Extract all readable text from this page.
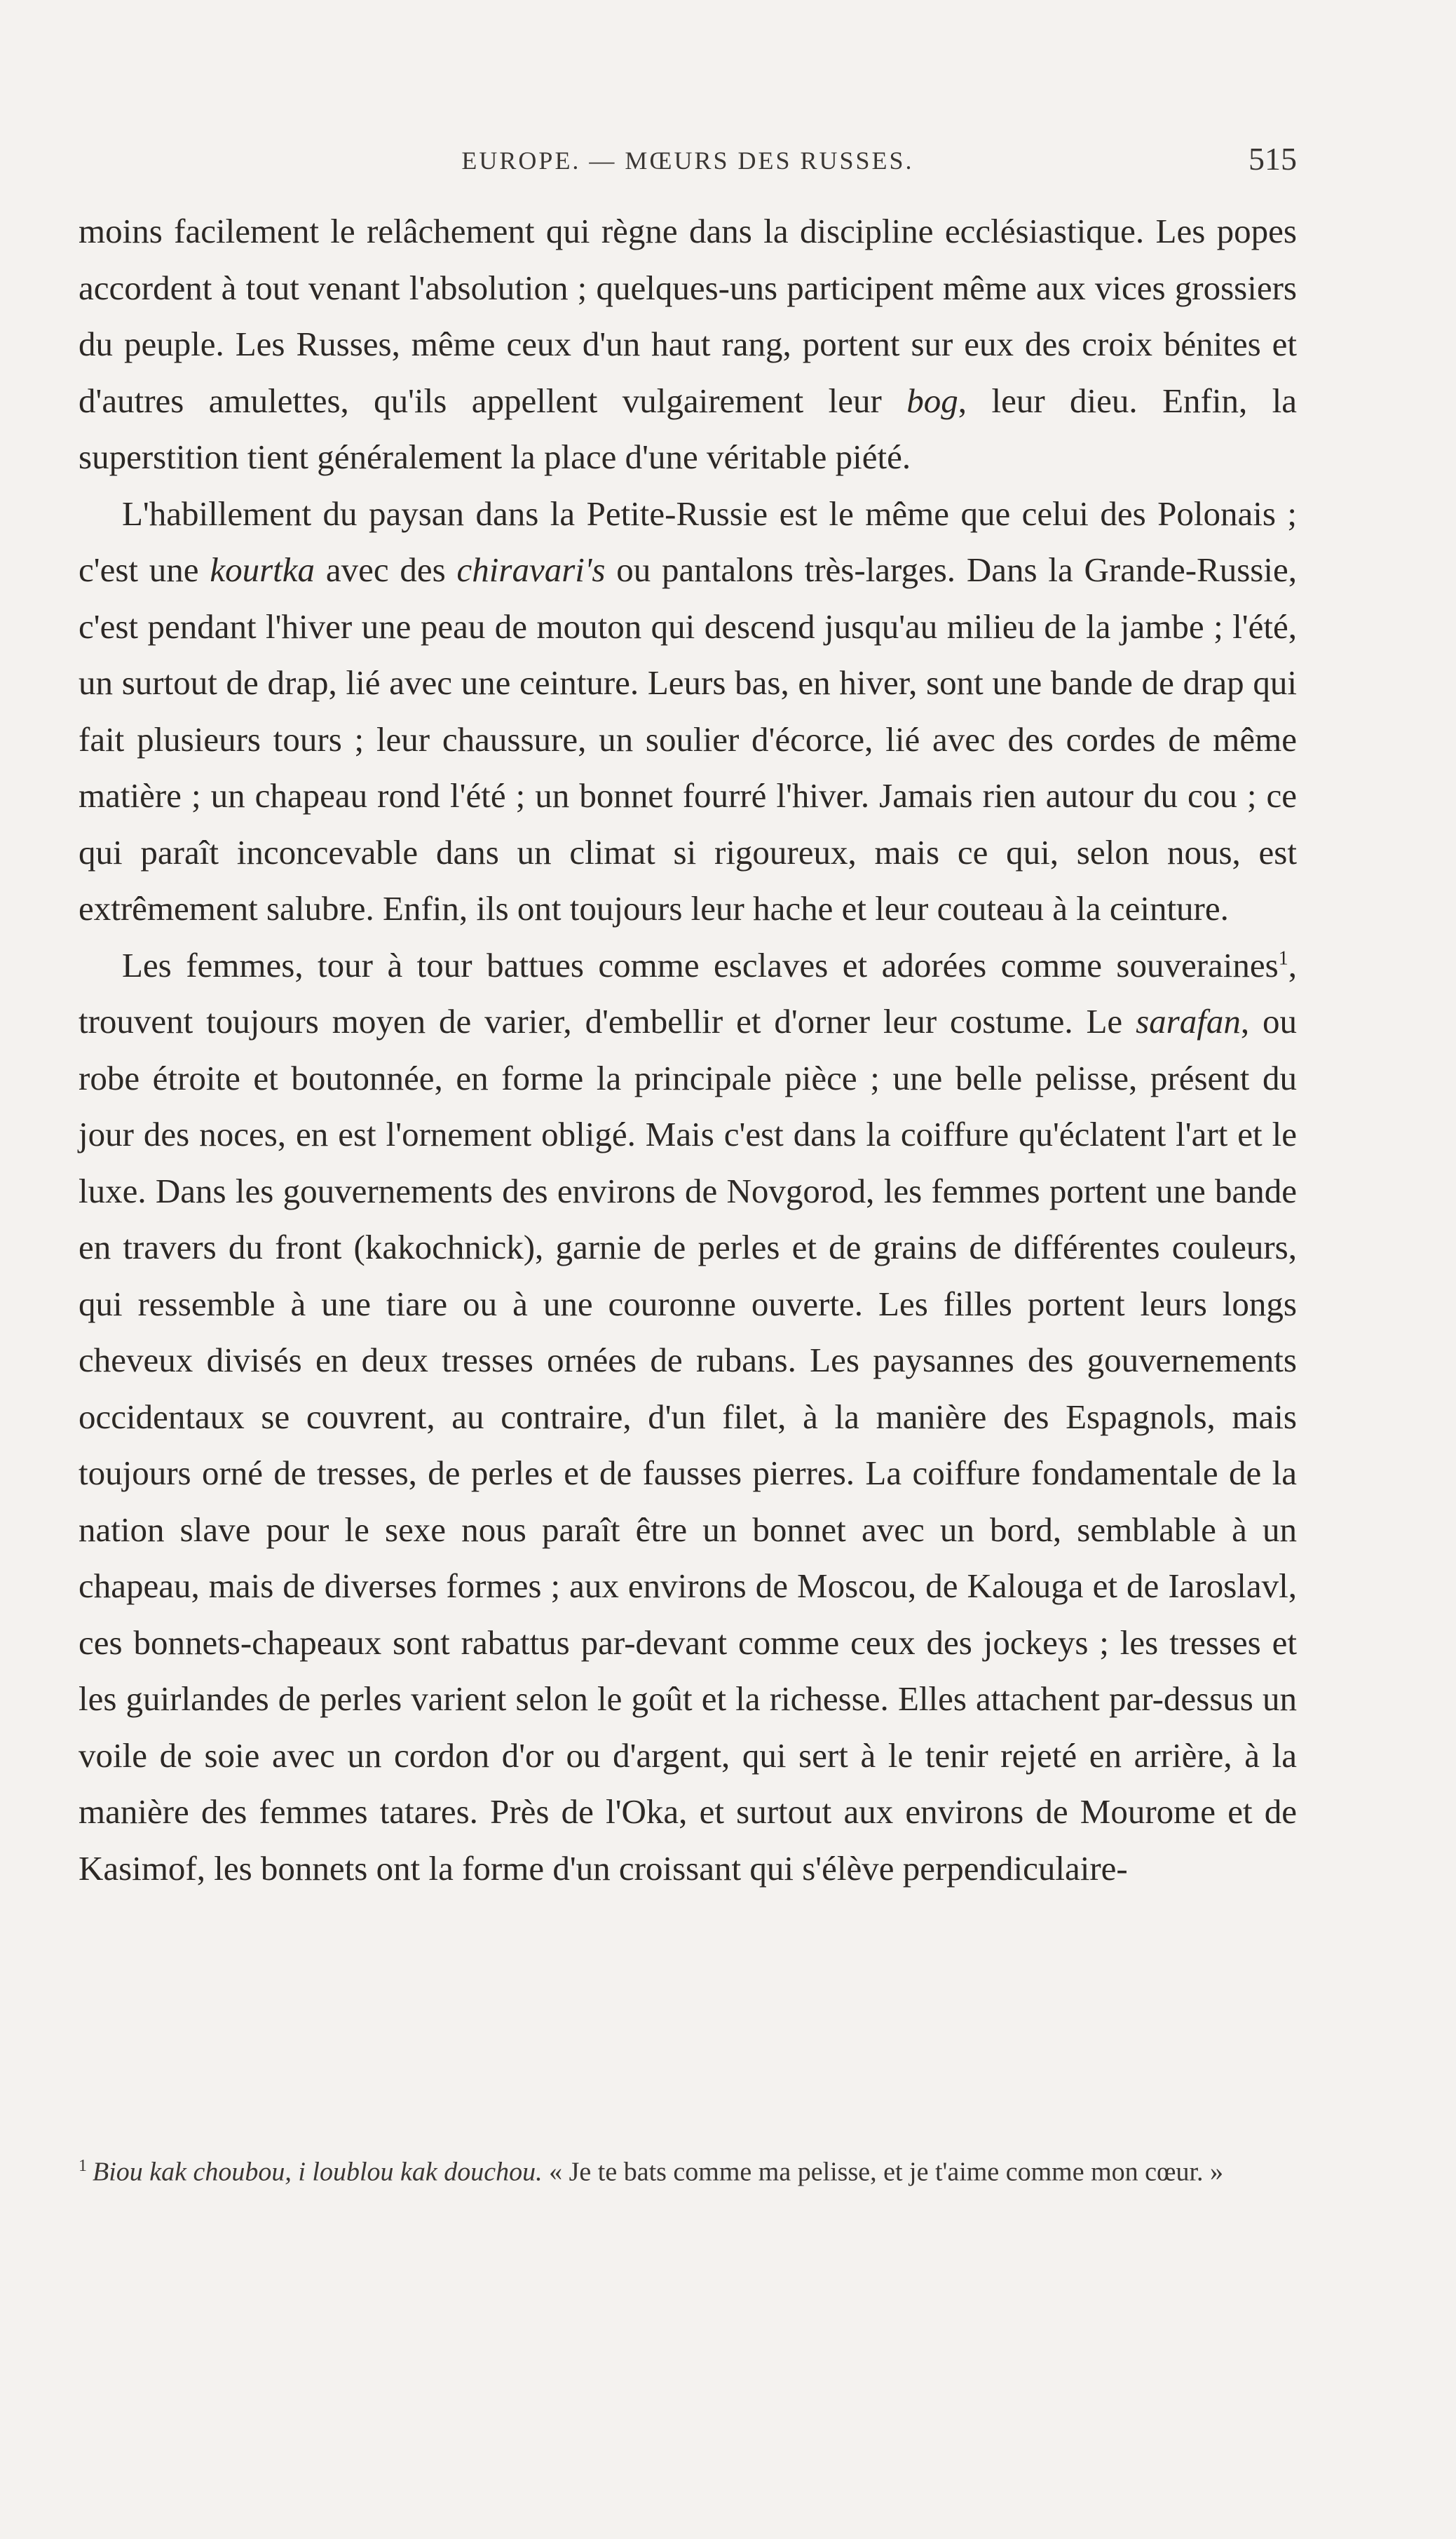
EUROPE. — MŒURS DES RUSSES.	515

moins facilement le relâchement qui règne dans la discipline ecclésiastique. Les popes accordent à tout venant l'absolution ; quelques-uns participent même aux vices grossiers du peuple. Les Russes, même ceux d'un haut rang, portent sur eux des croix bénites et d'autres amulettes, qu'ils appellent vulgairement leur bog, leur dieu. Enfin, la superstition tient généralement la place d'une véritable piété.

L'habillement du paysan dans la Petite-Russie est le même que celui des Polonais ; c'est une kourtka avec des chiravari's ou pantalons très-larges. Dans la Grande-Russie, c'est pendant l'hiver une peau de mouton qui descend jusqu'au milieu de la jambe ; l'été, un surtout de drap, lié avec une ceinture. Leurs bas, en hiver, sont une bande de drap qui fait plusieurs tours ; leur chaussure, un soulier d'écorce, lié avec des cordes de même matière ; un chapeau rond l'été ; un bonnet fourré l'hiver. Jamais rien autour du cou ; ce qui paraît inconcevable dans un climat si rigoureux, mais ce qui, selon nous, est extrêmement salubre. Enfin, ils ont toujours leur hache et leur couteau à la ceinture.

Les femmes, tour à tour battues comme esclaves et adorées comme souveraines$^1$, trouvent toujours moyen de varier, d'embellir et d'orner leur costume. Le sarafan, ou robe étroite et boutonnée, en forme la principale pièce ; une belle pelisse, présent du jour des noces, en est l'ornement obligé. Mais c'est dans la coiffure qu'éclatent l'art et le luxe. Dans les gouvernements des environs de Novgorod, les femmes portent une bande en travers du front (kakochnick), garnie de perles et de grains de différentes couleurs, qui ressemble à une tiare ou à une couronne ouverte. Les filles portent leurs longs cheveux divisés en deux tresses ornées de rubans. Les paysannes des gouvernements occidentaux se couvrent, au contraire, d'un filet, à la manière des Espagnols, mais toujours orné de tresses, de perles et de fausses pierres. La coiffure fondamentale de la nation slave pour le sexe nous paraît être un bonnet avec un bord, semblable à un chapeau, mais de diverses formes ; aux environs de Moscou, de Kalouga et de Iaroslavl, ces bonnets-chapeaux sont rabattus par-devant comme ceux des jockeys ; les tresses et les guirlandes de perles varient selon le goût et la richesse. Elles attachent par-dessus un voile de soie avec un cordon d'or ou d'argent, qui sert à le tenir rejeté en arrière, à la manière des femmes tatares. Près de l'Oka, et surtout aux environs de Mourome et de Kasimof, les bonnets ont la forme d'un croissant qui s'élève perpendiculaire-

$^1$ Biou kak choubou, i loublou kak douchou. « Je te bats comme ma pelisse, et je t'aime comme mon cœur. »
